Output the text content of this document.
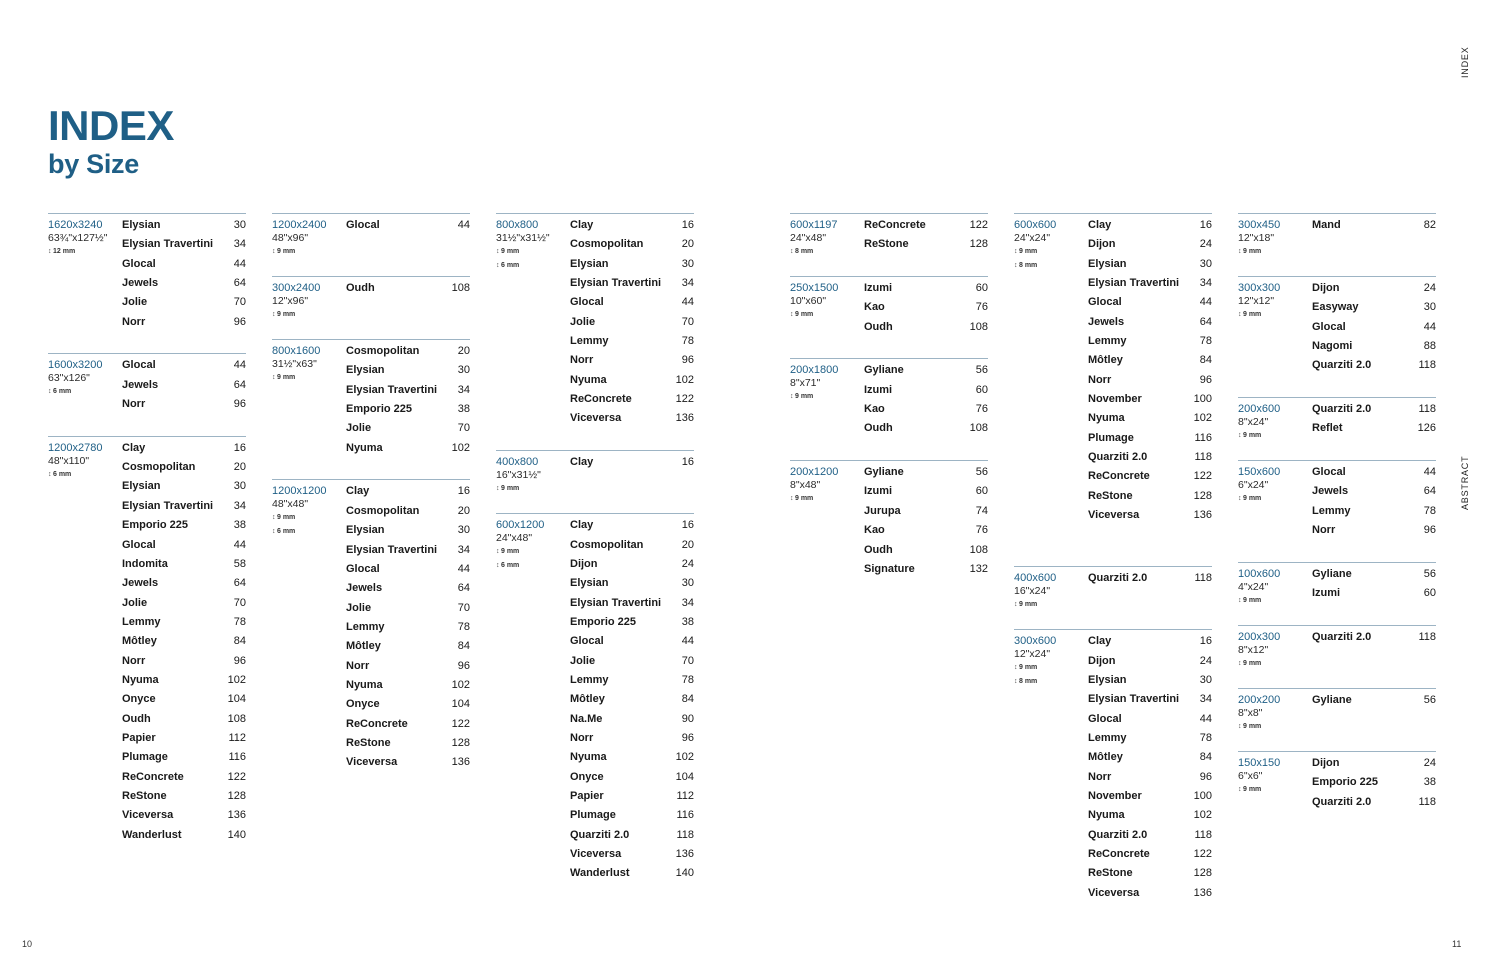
INDEX
by Size
INDEX
ABSTRACT
10	11
1620x3240
63¾"x127½"
↕ 12 mm
Elysian	30
Elysian Travertini 34
Glocal	44
Jewels	64
Jolie	70
Norr	96
1600x3200
63"x126"
↕ 6 mm
Glocal	44
Jewels	64
Norr	96
1200x2780
48"x110"
↕ 6 mm
Clay	16
Cosmopolitan	20
Elysian	30
Elysian Travertini 34
Emporio 225	38
Glocal	44
Indomita	58
Jewels	64
Jolie	70
Lemmy	78
Môtley	84
Norr	96
Nyuma	102
Onyce	104
Oudh	108
Papier	112
Plumage	116
ReConcrete	122
ReStone	128
Viceversa	136
Wanderlust	140
1200x2400
48"x96"
↕ 9 mm
Glocal	44
300x2400
12"x96"
↕ 9 mm
Oudh	108
800x1600
31½"x63"
↕ 9 mm
Cosmopolitan	20
Elysian	30
Elysian Travertini 34
Emporio 225	38
Jolie	70
Nyuma	102
1200x1200
48"x48"
↕ 9 mm
↕ 6 mm
Clay	16
Cosmopolitan	20
Elysian	30
Elysian Travertini 34
Glocal	44
Jewels	64
Jolie	70
Lemmy	78
Môtley	84
Norr	96
Nyuma	102
Onyce	104
ReConcrete	122
ReStone	128
Viceversa	136
800x800
31½"x31½"
↕ 9 mm
↕ 6 mm
Clay	16
Cosmopolitan	20
Elysian	30
Elysian Travertini 34
Glocal	44
Jolie	70
Lemmy	78
Norr	96
Nyuma	102
ReConcrete	122
Viceversa	136
400x800
16"x31½"
↕ 9 mm
Clay	16
600x1200
24"x48"
↕ 9 mm
↕ 6 mm
Clay	16
Cosmopolitan	20
Dijon	24
Elysian	30
Elysian Travertini 34
Emporio 225	38
Glocal	44
Jolie	70
Lemmy	78
Môtley	84
Na.Me	90
Norr	96
Nyuma	102
Onyce	104
Papier	112
Plumage	116
Quarziti 2.0	118
Viceversa	136
Wanderlust	140
600x1197
24"x48"
↕ 8 mm
ReConcrete	122
ReStone	128
250x1500
10"x60"
↕ 9 mm
Izumi	60
Kao	76
Oudh	108
200x1800
8"x71"
↕ 9 mm
Gyliane	56
Izumi	60
Kao	76
Oudh	108
200x1200
8"x48"
↕ 9 mm
Gyliane	56
Izumi	60
Jurupa	74
Kao	76
Oudh	108
Signature	132
600x600
24"x24"
↕ 9 mm
↕ 8 mm
Clay	16
Dijon	24
Elysian	30
Elysian Travertini 34
Glocal	44
Jewels	64
Lemmy	78
Môtley	84
Norr	96
November	100
Nyuma	102
Plumage	116
Quarziti 2.0	118
ReConcrete	122
ReStone	128
Viceversa	136
400x600
16"x24"
↕ 9 mm
Quarziti 2.0	118
300x600
12"x24"
↕ 9 mm
↕ 8 mm
Clay	16
Dijon	24
Elysian	30
Elysian Travertini 34
Glocal	44
Lemmy	78
Môtley	84
Norr	96
November	100
Nyuma	102
Quarziti 2.0	118
ReConcrete	122
ReStone	128
Viceversa	136
300x450
12"x18"
↕ 9 mm
Mand	82
300x300
12"x12"
↕ 9 mm
Dijon	24
Easyway	30
Glocal	44
Nagomi	88
Quarziti 2.0	118
200x600
8"x24"
↕ 9 mm
Quarziti 2.0	118
Reflet	126
150x600
6"x24"
↕ 9 mm
Glocal	44
Jewels	64
Lemmy	78
Norr	96
100x600
4"x24"
↕ 9 mm
Gyliane	56
Izumi	60
200x300
8"x12"
↕ 9 mm
Quarziti 2.0	118
200x200
8"x8"
↕ 9 mm
Gyliane	56
150x150
6"x6"
↕ 9 mm
Dijon	24
Emporio 225	38
Quarziti 2.0	118
